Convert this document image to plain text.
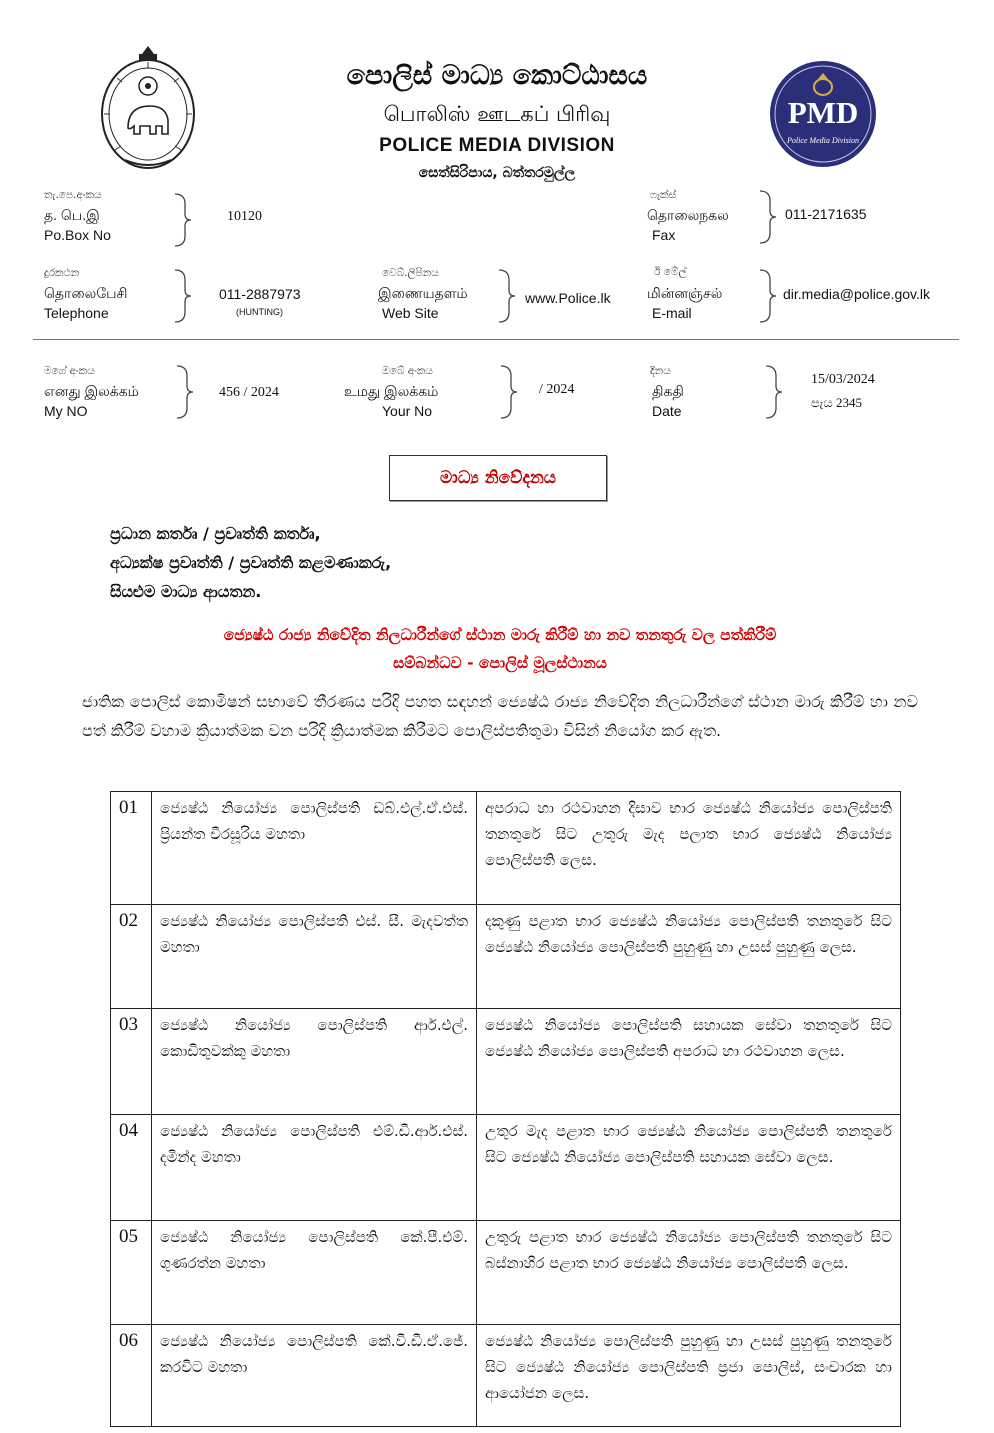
PMD
Police Media Division
පොලිස් මාධ්‍ය කොට්ඨාසය
பொலிஸ் ஊடகப் பிரிவு
POLICE MEDIA DIVISION
සෙත්සිරිපාය, බත්තරමුල්ල
තැ.පෙ.අංකය
த. பெ.இ
Po.Box No
10120
ෆැක්ස්
தொலைநகல
Fax
011-2171635
දුරකථන
தொலைபேசி
Telephone
011-2887973
(HUNTING)
වෙබ්.ලිපිනය
இணையதளம்
Web Site
www.Police.lk
ඊ මේල්
மின்னஞ்சல்
E-mail
dir.media@police.gov.lk
මගේ අංකය
எனது இலக்கம்
My NO
456 / 2024
ඔබේ අංකය
உமது இலக்கம்
Your No
/ 2024
දිනය
திகதி
Date
15/03/2024
පැය 2345
මාධ්‍ය නිවේදනය
ප්‍රධාන කර්තෘ / ප්‍රවෘත්ති කර්තෘ,
අධ්‍යක්ෂ ප්‍රවෘත්ති / ප්‍රවෘත්ති කළමණාකරු,
සියළුම මාධ්‍ය ආයතන.
ජ්‍යෙෂ්ඨ රාජ්‍ය නිවේදිත නිලධාරීන්ගේ ස්ථාන මාරු කිරීම් හා නව තනතුරු වල පත්කිරීම්
සම්බන්ධව - පොලිස් මූලස්ථානය
ජාතික පොලිස් කොමිෂන් සභාවේ තීරණය පරිදි පහත සඳහන් ජ්‍යෙෂ්ඨ රාජ්‍ය නිවේදිත නිලධාරීන්ගේ ස්ථාන මාරු කිරීම් හා නව පත් කිරීම් වහාම ක්‍රියාත්මක වන පරිදි ක්‍රියාත්මක කිරීමට පොලිස්පතිතුමා විසින් නියෝග කර ඇත.
01	ජ්‍යෙෂ්ඨ නියෝජ්‍ය පොලිස්පති ඩබ්.එල්.ඒ.එස්. ප්‍රියන්ත වීරසූරිය මහතා	අපරාධ හා රථවාහන දිසාව භාර ජ්‍යෙෂ්ඨ නියෝජ්‍ය පොලිස්පති තනතුරේ සිට උතුරු මැද පලාත භාර ජ්‍යෙෂ්ඨ නියෝජ්‍ය පොලිස්පති ලෙස.
02	ජ්‍යෙෂ්ඨ නියෝජ්‍ය පොලිස්පති එස්. සී. මැදවත්ත මහතා	දකුණු පළාත භාර ජ්‍යෙෂ්ඨ නියෝජ්‍ය පොලිස්පති තනතුරේ සිට ජ්‍යෙෂ්ඨ නියෝජ්‍ය පොලිස්පති පුහුණු හා උසස් පුහුණු ලෙස.
03	ජ්‍යෙෂ්ඨ නියෝජ්‍ය පොලිස්පති ආර්.එල්. කොඩිතුවක්කු මහතා	ජ්‍යෙෂ්ඨ නියෝජ්‍ය පොලිස්පති සහායක සේවා තනතුරේ සිට ජ්‍යෙෂ්ඨ නියෝජ්‍ය පොලිස්පති අපරාධ හා රථවාහන ලෙස.
04	ජ්‍යෙෂ්ඨ නියෝජ්‍ය පොලිස්පති එම්.ඩී.ආර්.එස්. දමින්ද මහතා	උතුර මැද පළාත භාර ජ්‍යෙෂ්ඨ නියෝජ්‍ය පොලිස්පති තනතුරේ සිට ජ්‍යෙෂ්ඨ නියෝජ්‍ය පොලිස්පති සහායක සේවා ලෙස.
05	ජ්‍යෙෂ්ඨ නියෝජ්‍ය පොලිස්පති කේ.පී.එම්. ගුණරත්න මහතා	උතුරු පළාත භාර ජ්‍යෙෂ්ඨ නියෝජ්‍ය පොලිස්පති තනතුරේ සිට බස්නාහිර පළාත භාර ජ්‍යෙෂ්ඨ නියෝජ්‍ය පොලිස්පති ලෙස.
06	ජ්‍යෙෂ්ඨ නියෝජ්‍ය පොලිස්පති කේ.වී.ඩී.ඒ.ජේ. කරවිට මහතා	ජ්‍යෙෂ්ඨ නියෝජ්‍ය පොලිස්පති පුහුණු හා උසස් පුහුණු තනතුරේ සිට ජ්‍යෙෂ්ඨ නියෝජ්‍ය පොලිස්පති ප්‍රජා පොලිස්, සංචාරක හා ආයෝජන ලෙස.
